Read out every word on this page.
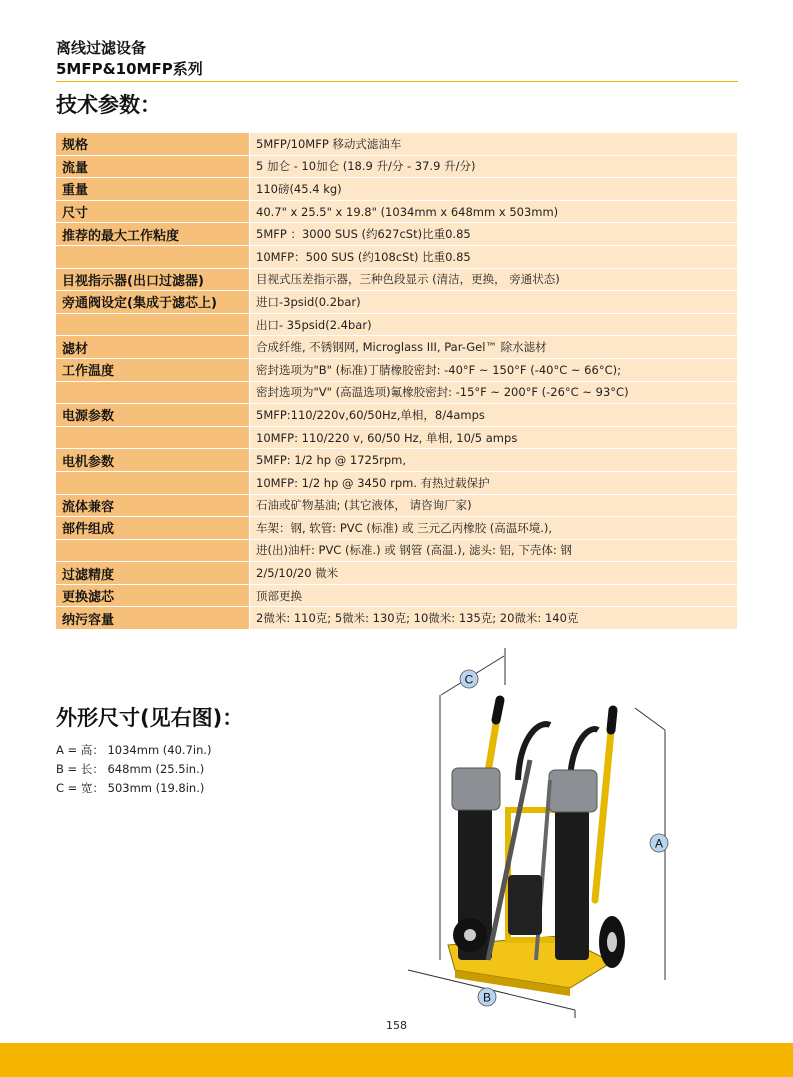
离线过滤设备
5MFP&10MFP系列
技术参数：
规格	5MFP/10MFP 移动式滤油车
流量	5 加仑 - 10加仑 (18.9 升/分 - 37.9 升/分)
重量	110磅(45.4 kg)
尺寸	40.7" x 25.5" x 19.8" (1034mm x 648mm x 503mm)
推荐的最大工作粘度	5MFP ：3000 SUS (约627cSt)比重0.85
	10MFP：500 SUS (约108cSt) 比重0.85
目视指示器(出口过滤器)	目视式压差指示器，三种色段显示 (清洁，更换， 旁通状态)
旁通阀设定(集成于滤芯上)	进口-3psid(0.2bar)
	出口- 35psid(2.4bar)
滤材	合成纤维, 不锈钢网, Microglass III, Par-Gel™ 除水滤材
工作温度	密封选项为"B" (标准)丁腈橡胶密封: -40°F ~ 150°F (-40°C ~ 66°C);
	密封选项为"V" (高温选项)氟橡胶密封: -15°F ~ 200°F (-26°C ~ 93°C)
电源参数	5MFP:110/220v,60/50Hz,单相，8/4amps
	10MFP: 110/220 v, 60/50 Hz, 单相, 10/5 amps
电机参数	5MFP: 1/2 hp @ 1725rpm,
	10MFP: 1/2 hp @ 3450 rpm. 有热过载保护
流体兼容	石油或矿物基油; (其它液体， 请咨询厂家)
部件组成	车架：钢, 软管: PVC (标准) 或 三元乙丙橡胶 (高温环境.),
	进(出)油杆: PVC (标准.) 或 钢管 (高温.), 滤头: 铝, 下壳体: 钢
过滤精度	2/5/10/20 微米
更换滤芯	顶部更换
纳污容量	2微米: 110克; 5微米: 130克; 10微米: 135克; 20微米: 140克
外形尺寸(见右图)：
A = 高： 1034mm (40.7in.)
B = 长： 648mm (25.5in.)
C = 宽： 503mm (19.8in.)
C
A
B
158
